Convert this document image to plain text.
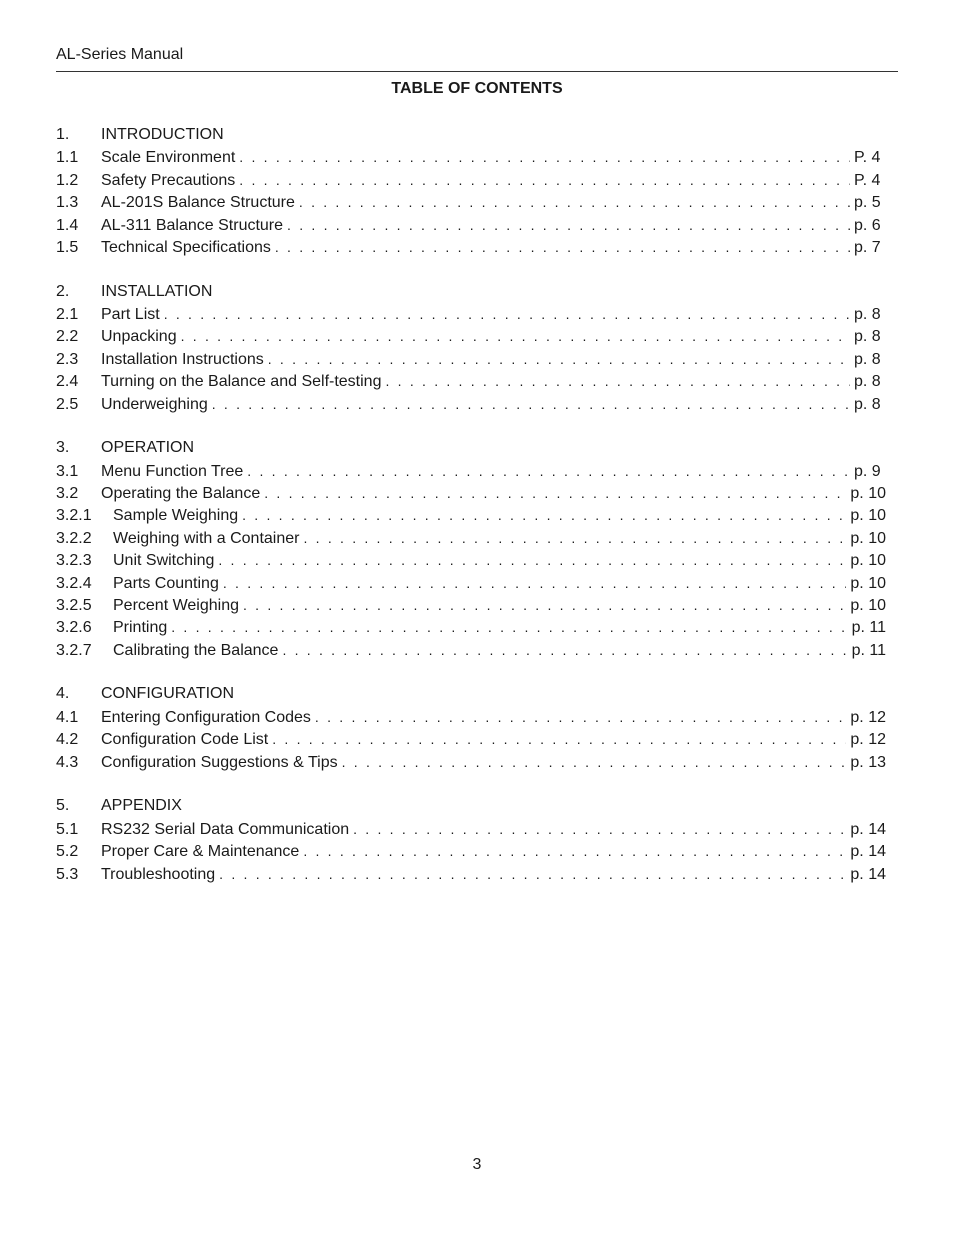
AL-Series Manual
TABLE OF CONTENTS
1.	INTRODUCTION
1.1	Scale Environment . . .	P. 4
1.2	Safety Precautions . . .	P. 4
1.3	AL-201S Balance Structure . . .	p. 5
1.4	AL-311 Balance Structure . . .	p. 6
1.5	Technical Specifications . . .	p. 7
2.	INSTALLATION
2.1	Part List . . .	p. 8
2.2	Unpacking . . .	p. 8
2.3	Installation Instructions . . .	p. 8
2.4	Turning on the Balance and Self-testing . . .	p. 8
2.5	Underweighing . . .	p. 8
3.	OPERATION
3.1	Menu Function Tree . . .	p. 9
3.2	Operating the Balance . . .	p. 10
3.2.1	Sample Weighing . . .	p. 10
3.2.2	Weighing with a Container . . .	p. 10
3.2.3	Unit Switching . . .	p. 10
3.2.4	Parts Counting . . .	p. 10
3.2.5	Percent Weighing . . .	p. 10
3.2.6	Printing . . .	p. 11
3.2.7	Calibrating the Balance . . .	p. 11
4.	CONFIGURATION
4.1	Entering Configuration Codes . . .	p. 12
4.2	Configuration Code List . . .	p. 12
4.3	Configuration Suggestions & Tips . . .	p. 13
5.	APPENDIX
5.1	RS232 Serial Data Communication . . .	p. 14
5.2	Proper Care & Maintenance . . .	p. 14
5.3	Troubleshooting . . .	p. 14
3
